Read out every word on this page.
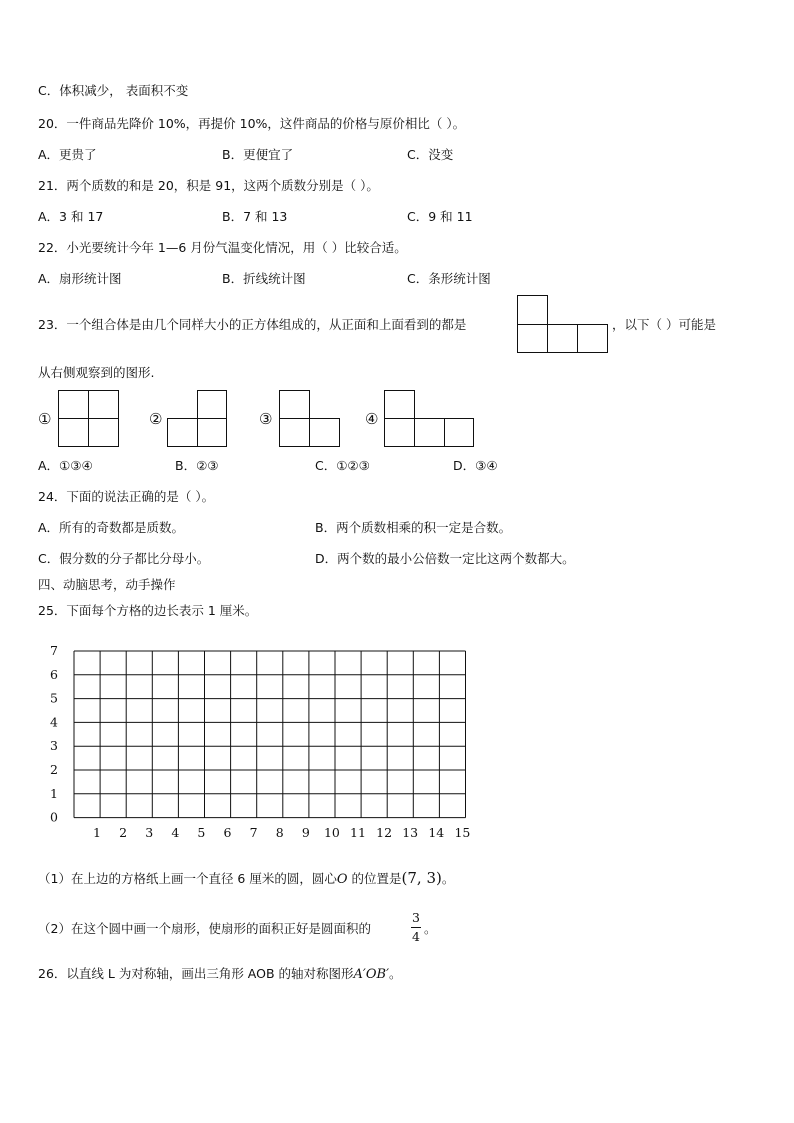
C．体积减少， 表面积不变
20．一件商品先降价 10%，再提价 10%，这件商品的价格与原价相比（ ）。
A．更贵了	B．更便宜了	C．没变
21．两个质数的和是 20，积是 91，这两个质数分别是（ ）。
A．3 和 17	B．7 和 13	C．9 和 11
22．小光要统计今年 1—6 月份气温变化情况，用（ ）比较合适。
A．扇形统计图	B．折线统计图	C．条形统计图
23．一个组合体是由几个同样大小的正方体组成的，从正面和上面看到的都是	，以下（ ）可能是
从右侧观察到的图形.
①	②	③	④
A．①③④	B．②③	C．①②③	D．③④
24．下面的说法正确的是（ ）。
A．所有的奇数都是质数。	B．两个质数相乘的积一定是合数。
C．假分数的分子都比分母小。	D．两个数的最小公倍数一定比这两个数都大。
四、动脑思考，动手操作
25．下面每个方格的边长表示 1 厘米。
7
6
5
4
3
2
1
0
1 2 3 4 5 6 7 8 9 10 11 12 13 14 15
（1）在上边的方格纸上画一个直径 6 厘米的圆，圆心O 的位置是(7, 3)。
（2）在这个圆中画一个扇形，使扇形的面积正好是圆面积的
3
4
。
26．以直线 L 为对称轴，画出三角形 AOB 的轴对称图形A′OB′。
